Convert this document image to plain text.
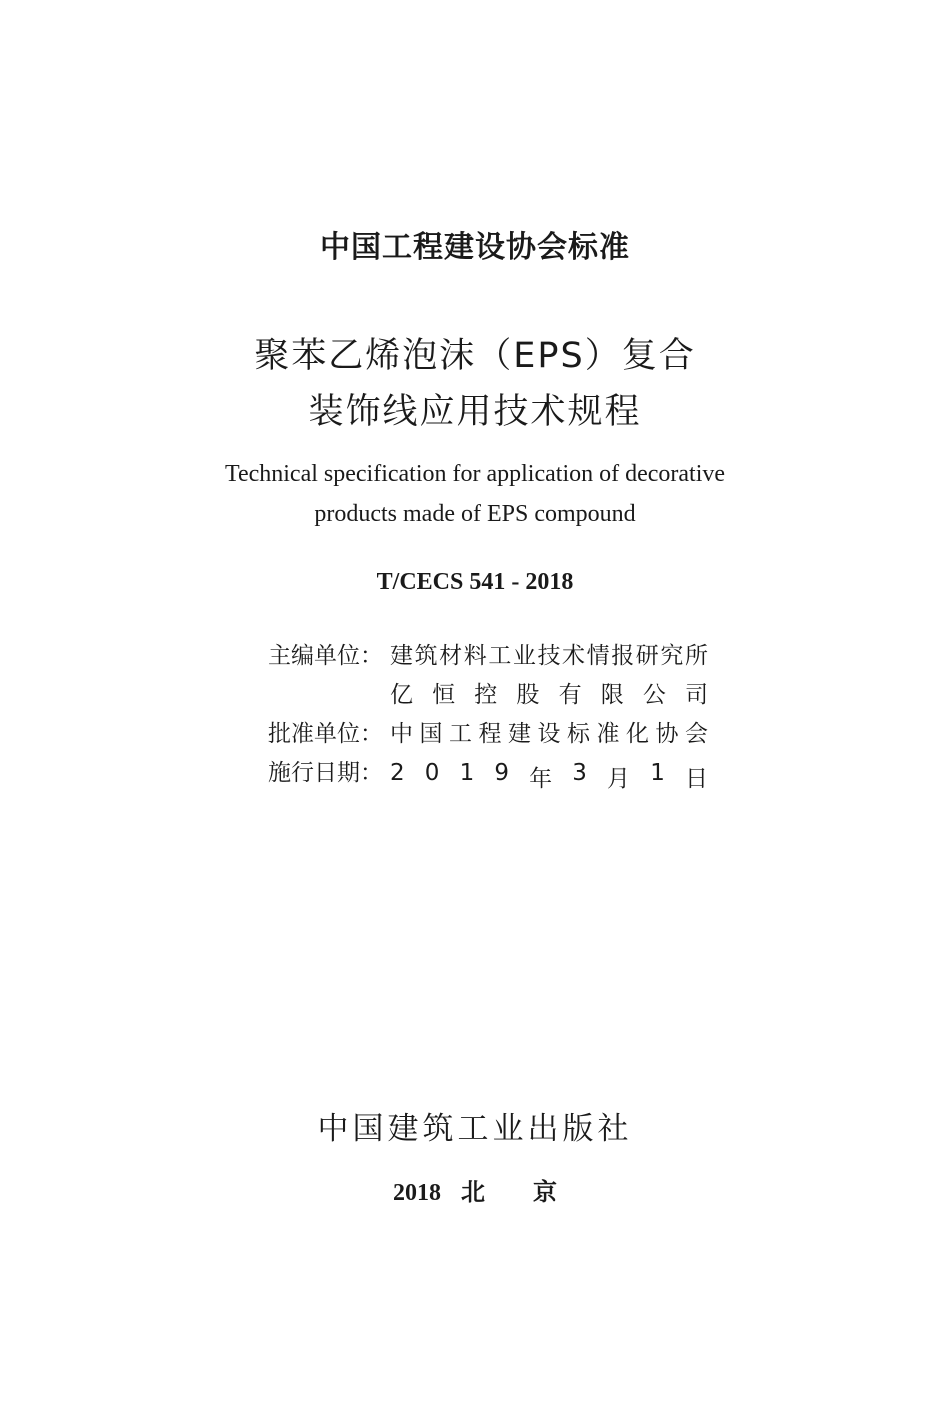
中国工程建设协会标准
聚苯乙烯泡沫（EPS）复合
装饰线应用技术规程
Technical specification for application of decorative
products made of EPS compound
T/CECS 541 - 2018
主编单位： 建 筑 材 料 工 业 技 术 情 报 研 究 所
亿 恒 控 股 有 限 公 司
批准单位： 中 国 工 程 建 设 标 准 化 协 会
施行日期： 2 0 1 9 年 3 月 1 日
中国建筑工业出版社
2018 北　　京
